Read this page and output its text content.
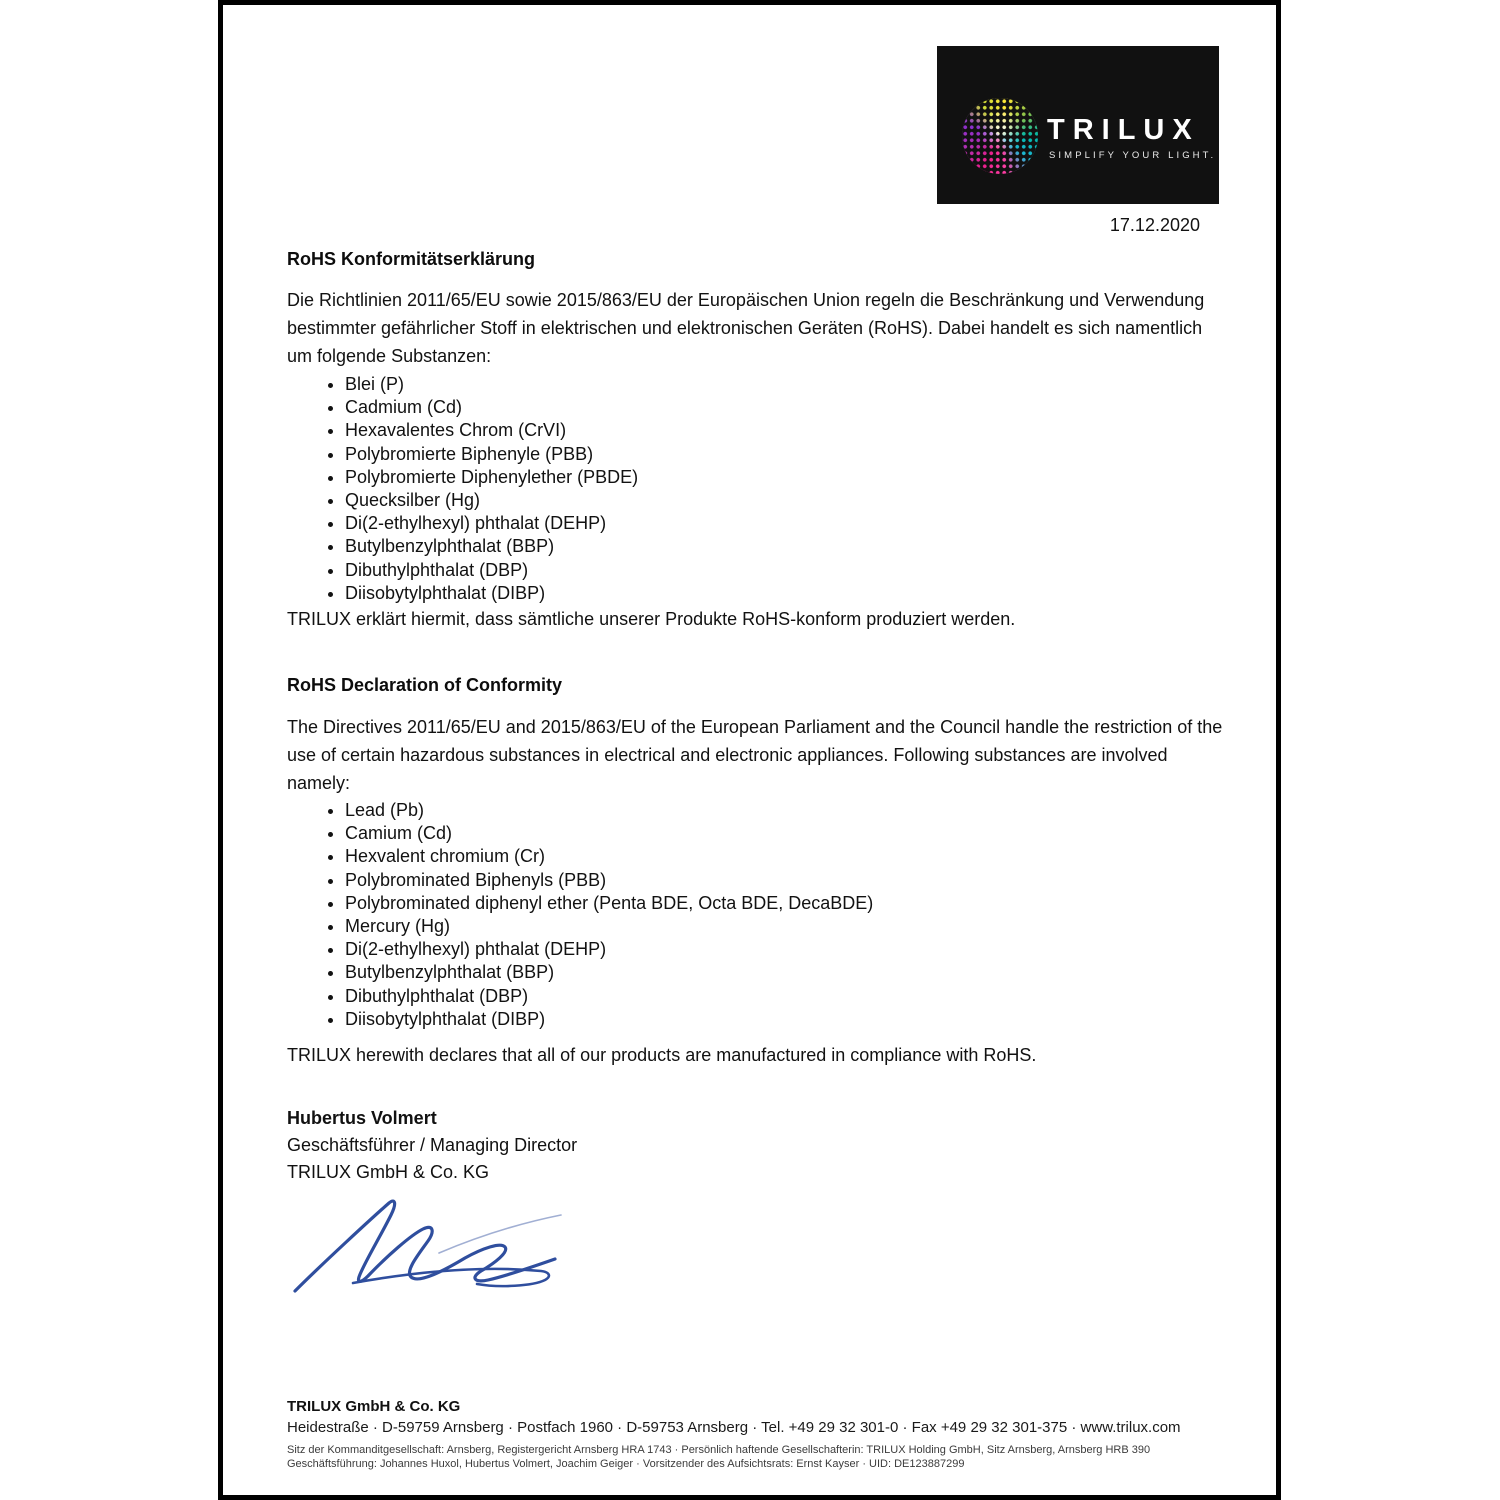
TRILUX
SIMPLIFY YOUR LIGHT.
17.12.2020
RoHS Konformitätserklärung
Die Richtlinien 2011/65/EU sowie 2015/863/EU der Europäischen Union regeln die Beschränkung und Verwendung
bestimmter gefährlicher Stoff in elektrischen und elektronischen Geräten (RoHS). Dabei handelt es sich namentlich
um folgende Substanzen:
• Blei (P)
• Cadmium (Cd)
• Hexavalentes Chrom (CrVI)
• Polybromierte Biphenyle (PBB)
• Polybromierte Diphenylether (PBDE)
• Quecksilber (Hg)
• Di(2-ethylhexyl) phthalat (DEHP)
• Butylbenzylphthalat (BBP)
• Dibuthylphthalat (DBP)
• Diisobytylphthalat (DIBP)
TRILUX erklärt hiermit, dass sämtliche unserer Produkte RoHS-konform produziert werden.
RoHS Declaration of Conformity
The Directives 2011/65/EU and 2015/863/EU of the European Parliament and the Council handle the restriction of the
use of certain hazardous substances in electrical and electronic appliances. Following substances are involved
namely:
• Lead (Pb)
• Camium (Cd)
• Hexvalent chromium (Cr)
• Polybrominated Biphenyls (PBB)
• Polybrominated diphenyl ether (Penta BDE, Octa BDE, DecaBDE)
• Mercury (Hg)
• Di(2-ethylhexyl) phthalat (DEHP)
• Butylbenzylphthalat (BBP)
• Dibuthylphthalat (DBP)
• Diisobytylphthalat (DIBP)
TRILUX herewith declares that all of our products are manufactured in compliance with RoHS.
Hubertus Volmert
Geschäftsführer / Managing Director
TRILUX GmbH & Co. KG
TRILUX GmbH & Co. KG
Heidestraße · D-59759 Arnsberg · Postfach 1960 · D-59753 Arnsberg · Tel. +49 29 32 301-0 · Fax +49 29 32 301-375 · www.trilux.com
Sitz der Kommanditgesellschaft: Arnsberg, Registergericht Arnsberg HRA 1743 · Persönlich haftende Gesellschafterin: TRILUX Holding GmbH, Sitz Arnsberg, Arnsberg HRB 390
Geschäftsführung: Johannes Huxol, Hubertus Volmert, Joachim Geiger · Vorsitzender des Aufsichtsrats: Ernst Kayser · UID: DE123887299
